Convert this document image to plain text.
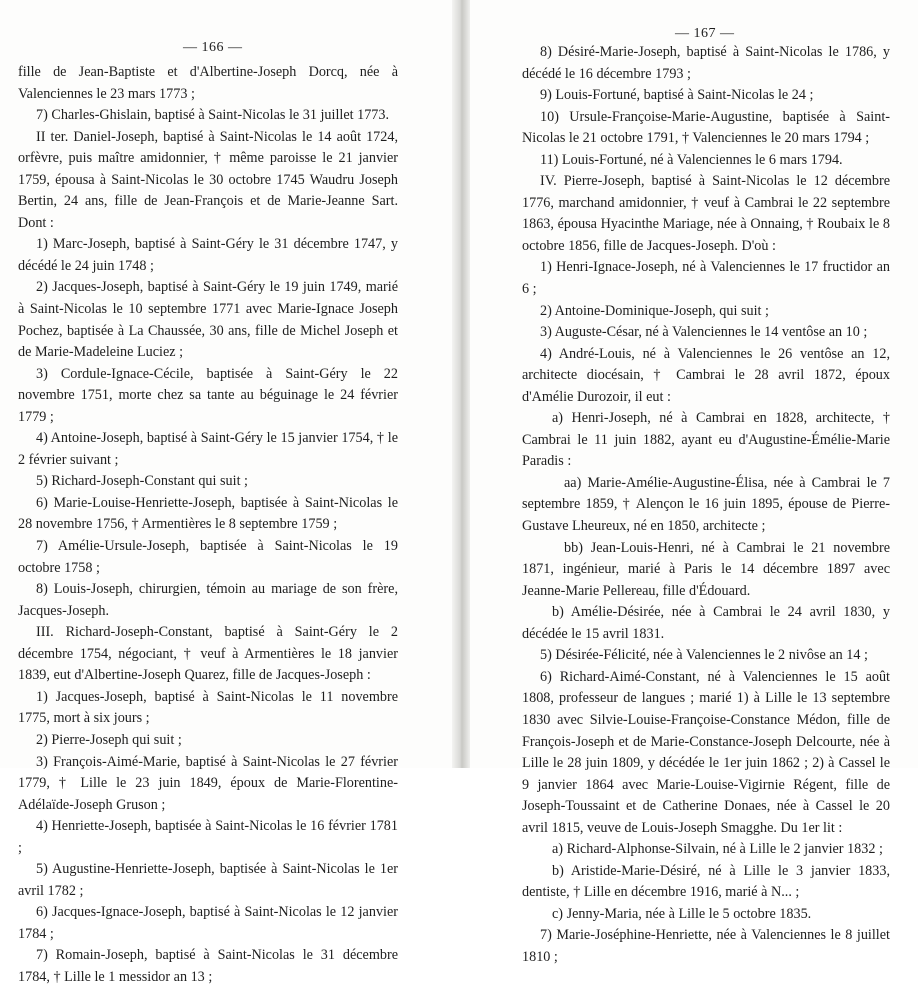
— 166 —

fille de Jean-Baptiste et d'Albertine-Joseph Dorcq, née à Valenciennes le 23 mars 1773 ;

7) Charles-Ghislain, baptisé à Saint-Nicolas le 31 juillet 1773.

II ter. Daniel-Joseph, baptisé à Saint-Nicolas le 14 août 1724, orfèvre, puis maître amidonnier, † même paroisse le 21 janvier 1759, épousa à Saint-Nicolas le 30 octobre 1745 Waudru Joseph Bertin, 24 ans, fille de Jean-François et de Marie-Jeanne Sart. Dont :

1) Marc-Joseph, baptisé à Saint-Géry le 31 décembre 1747, y décédé le 24 juin 1748 ;

2) Jacques-Joseph, baptisé à Saint-Géry le 19 juin 1749, marié à Saint-Nicolas le 10 septembre 1771 avec Marie-Ignace Joseph Pochez, baptisée à La Chaussée, 30 ans, fille de Michel Joseph et de Marie-Madeleine Luciez ;

3) Cordule-Ignace-Cécile, baptisée à Saint-Géry le 22 novembre 1751, morte chez sa tante au béguinage le 24 février 1779 ;

4) Antoine-Joseph, baptisé à Saint-Géry le 15 janvier 1754, † le 2 février suivant ;

5) Richard-Joseph-Constant qui suit ;

6) Marie-Louise-Henriette-Joseph, baptisée à Saint-Nicolas le 28 novembre 1756, † Armentières le 8 septembre 1759 ;

7) Amélie-Ursule-Joseph, baptisée à Saint-Nicolas le 19 octobre 1758 ;

8) Louis-Joseph, chirurgien, témoin au mariage de son frère, Jacques-Joseph.

III. Richard-Joseph-Constant, baptisé à Saint-Géry le 2 décembre 1754, négociant, † veuf à Armentières le 18 janvier 1839, eut d'Albertine-Joseph Quarez, fille de Jacques-Joseph :

1) Jacques-Joseph, baptisé à Saint-Nicolas le 11 novembre 1775, mort à six jours ;

2) Pierre-Joseph qui suit ;

3) François-Aimé-Marie, baptisé à Saint-Nicolas le 27 février 1779, † Lille le 23 juin 1849, époux de Marie-Florentine-Adélaïde-Joseph Gruson ;

4) Henriette-Joseph, baptisée à Saint-Nicolas le 16 février 1781 ;

5) Augustine-Henriette-Joseph, baptisée à Saint-Nicolas le 1er avril 1782 ;

6) Jacques-Ignace-Joseph, baptisé à Saint-Nicolas le 12 janvier 1784 ;

7) Romain-Joseph, baptisé à Saint-Nicolas le 31 décembre 1784, † Lille le 1 messidor an 13 ;

— 167 —

8) Désiré-Marie-Joseph, baptisé à Saint-Nicolas le 1786, y décédé le 16 décembre 1793 ;

9) Louis-Fortuné, baptisé à Saint-Nicolas le 24 ;

10) Ursule-Françoise-Marie-Augustine, baptisée à Saint-Nicolas le 21 octobre 1791, † Valenciennes le 20 mars 1794 ;

11) Louis-Fortuné, né à Valenciennes le 6 mars 1794.

IV. Pierre-Joseph, baptisé à Saint-Nicolas le 12 décembre 1776, marchand amidonnier, † veuf à Cambrai le 22 septembre 1863, épousa Hyacinthe Mariage, née à Onnaing, † Roubaix le 8 octobre 1856, fille de Jacques-Joseph. D'où :

1) Henri-Ignace-Joseph, né à Valenciennes le 17 fructidor an 6 ;

2) Antoine-Dominique-Joseph, qui suit ;

3) Auguste-César, né à Valenciennes le 14 ventôse an 10 ;

4) André-Louis, né à Valenciennes le 26 ventôse an 12, architecte diocésain, † Cambrai le 28 avril 1872, époux d'Amélie Durozoir, il eut :

a) Henri-Joseph, né à Cambrai en 1828, architecte, † Cambrai le 11 juin 1882, ayant eu d'Augustine-Émélie-Marie Paradis :

aa) Marie-Amélie-Augustine-Élisa, née à Cambrai le 7 septembre 1859, † Alençon le 16 juin 1895, épouse de Pierre-Gustave Lheureux, né en 1850, architecte ;

bb) Jean-Louis-Henri, né à Cambrai le 21 novembre 1871, ingénieur, marié à Paris le 14 décembre 1897 avec Jeanne-Marie Pellereau, fille d'Édouard.

b) Amélie-Désirée, née à Cambrai le 24 avril 1830, y décédée le 15 avril 1831.

5) Désirée-Félicité, née à Valenciennes le 2 nivôse an 14 ;

6) Richard-Aimé-Constant, né à Valenciennes le 15 août 1808, professeur de langues ; marié 1) à Lille le 13 septembre 1830 avec Silvie-Louise-Françoise-Constance Médon, fille de François-Joseph et de Marie-Constance-Joseph Delcourte, née à Lille le 28 juin 1809, y décédée le 1er juin 1862 ; 2) à Cassel le 9 janvier 1864 avec Marie-Louise-Vigirnie Régent, fille de Joseph-Toussaint et de Catherine Donaes, née à Cassel le 20 avril 1815, veuve de Louis-Joseph Smagghe. Du 1er lit :

a) Richard-Alphonse-Silvain, né à Lille le 2 janvier 1832 ;

b) Aristide-Marie-Désiré, né à Lille le 3 janvier 1833, dentiste, † Lille en décembre 1916, marié à N... ;

c) Jenny-Maria, née à Lille le 5 octobre 1835.

7) Marie-Joséphine-Henriette, née à Valenciennes le 8 juillet 1810 ;
